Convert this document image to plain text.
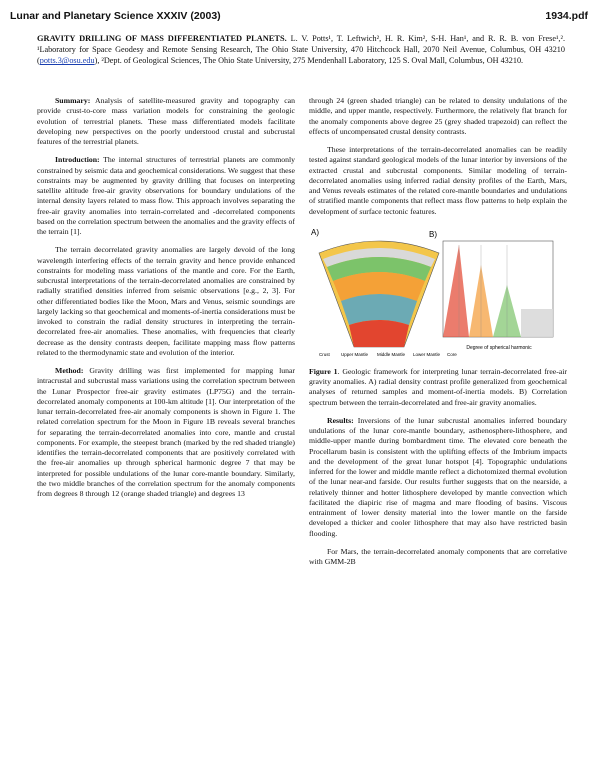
Lunar and Planetary Science XXXIV (2003)	1934.pdf
GRAVITY DRILLING OF MASS DIFFERENTIATED PLANETS. L. V. Potts¹, T. Leftwich², H. R. Kim², S-H. Han¹, and R. R. B. von Frese¹,². ¹Laboratory for Space Geodesy and Remote Sensing Research, The Ohio State University, 470 Hitchcock Hall, 2070 Neil Avenue, Columbus, OH 43210 (potts.3@osu.edu), ²Dept. of Geological Sciences, The Ohio State University, 275 Mendenhall Laboratory, 125 S. Oval Mall, Columbus, OH 43210.

Summary: Analysis of satellite-measured gravity and topography can provide crust-to-core mass variation models for constraining the geologic evolution of terrestrial planets. These mass differentiated models facilitate developing new perspectives on the poorly understood crustal and subcrustal features of the terrestrial planets.

Introduction: The internal structures of terrestrial planets are commonly constrained by seismic data and geochemical considerations. We suggest that these constraints may be augmented by gravity drilling that focuses on interpreting satellite altitude free-air gravity observations for boundary undulations of the internal density layers related to mass flow. This approach involves separating the free-air gravity anomalies into terrain-correlated and -decorrelated components based on the correlation spectrum between the anomalies and the gravity effects of the terrain [1].

The terrain decorrelated gravity anomalies are largely devoid of the long wavelength interfering effects of the terrain gravity and hence provide enhanced constraints for modeling mass variations of the mantle and core. For the Earth, subcrustal interpretations of the terrain-decorrelated anomalies are constrained by radially stratified densities inferred from seismic observations [e.g., 2, 3]. For other differentiated bodies like the Moon, Mars and Venus, seismic soundings are largely lacking so that geochemical and moments-of-inertia considerations must be invoked to constrain the radial density structures in interpreting the terrain-decorrelated free-air anomalies. These anomalies, with frequencies that clearly decrease as the density contrasts deepen, facilitate mapping mass flow patterns related to the thermodynamic state and evolution of the interior.

Method: Gravity drilling was first implemented for mapping lunar intracrustal and subcrustal mass variations using the correlation spectrum between the Lunar Prospector free-air gravity estimates (LP75G) and the terrain-decorrelated anomaly components at 100-km altitude [1]. Our interpretation of the lunar terrain-decorrelated free-air anomaly components is shown in Figure 1. The related correlation spectrum for the Moon in Figure 1B reveals several branches for separating the terrain-decorrelated anomalies into core, mantle and crustal components. For example, the steepest branch (marked by the red shaded triangle) identifies the terrain-decorrelated components that are positively correlated with the free-air anomalies up through spherical harmonic degree 7 that may be interpreted for possible undulations of the lunar core-mantle boundary. Similarly, the two middle branches of the correlation spectrum for the anomaly components from degrees 8 through 12 (orange shaded triangle) and degrees 13

through 24 (green shaded triangle) can be related to density undulations of the middle, and upper mantle, respectively. Furthermore, the relatively flat branch for the anomaly components above degree 25 (grey shaded trapezoid) can reflect the effects of uncompensated crustal density contrasts.

These interpretations of the terrain-decorrelated anomalies can be readily tested against standard geological models of the lunar interior by inversions of the extracted crustal and subcrustal components. Similar modeling of terrain-decorrelated anomalies using inferred radial density profiles of the Earth, Mars, and Venus reveals estimates of the related core-mantle boundaries and undulations of stratified mantle components that reflect mass flow patterns to help explain the development of surface tectonic features.

A)	B)
Degree of spherical harmonic
Crust Upper Mantle Middle Mantle Lower Mantle Core

Figure 1. Geologic framework for interpreting lunar terrain-decorrelated free-air gravity anomalies. A) radial density contrast profile generalized from geochemical analyses of returned samples and moment-of-inertia models. B) Correlation spectrum between the terrain-decorrelated and free-air gravity anomalies.

Results: Inversions of the lunar subcrustal anomalies inferred boundary undulations of the lunar core-mantle boundary, asthenosphere-lithosphere, and middle-upper mantle during bombardment time. The elevated core beneath the Procellarum basin is consistent with the uplifting effects of the Imbrium impacts and the development of the great lunar hotspot [4]. Topographic undulations inferred for the lower and middle mantle reflect a dichotomized thermal evolution of the lunar near-and farside. Our results further suggests that on the nearside, a relatively thinner and hotter lithosphere developed by mantle convection which facilitated the diapiric rise of magma and mare flooding of basins. Viscous entrainment of lower density material into the lower mantle on the farside developed a thicker and cooler lithosphere that may also have restricted basin flooding.

For Mars, the terrain-decorrelated anomaly components that are correlative with GMM-2B
